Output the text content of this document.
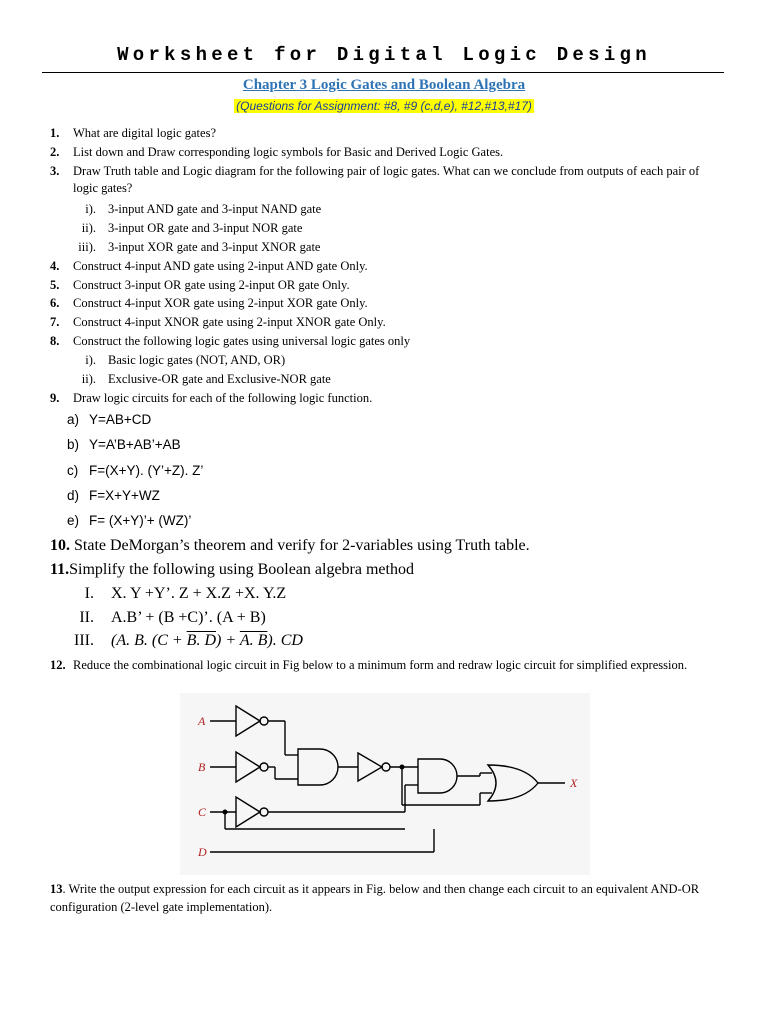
Worksheet for Digital Logic Design
Chapter 3 Logic Gates and Boolean Algebra
(Questions for Assignment: #8, #9 (c,d,e), #12,#13,#17)
1. What are digital logic gates?
2. List down and Draw corresponding logic symbols for Basic and Derived Logic Gates.
3. Draw Truth table and Logic diagram for the following pair of logic gates. What can we conclude from outputs of each pair of logic gates?
i). 3-input AND gate and 3-input NAND gate
ii). 3-input OR gate and 3-input NOR gate
iii). 3-input XOR gate and 3-input XNOR gate
4. Construct 4-input AND gate using 2-input AND gate Only.
5. Construct 3-input OR gate using 2-input OR gate Only.
6. Construct 4-input XOR gate using 2-input XOR gate Only.
7. Construct 4-input XNOR gate using 2-input XNOR gate Only.
8. Construct the following logic gates using universal logic gates only
i). Basic logic gates (NOT, AND, OR)
ii). Exclusive-OR gate and Exclusive-NOR gate
9. Draw logic circuits for each of the following logic function.
a) Y=AB+CD
b) Y=A’B+AB’+AB
c) F=(X+Y). (Y’+Z). Z’
d) F=X+Y+WZ
e) F= (X+Y)’+ (WZ)’
10. State DeMorgan’s theorem and verify for 2-variables using Truth table.
11.Simplify the following using Boolean algebra method
I. X. Y +Y’. Z + X.Z +X. Y.Z
II. A.B’ + (B +C)’. (A + B)
III. (A. B. (C + B. D) + A. B). CD
12. Reduce the combinational logic circuit in Fig below to a minimum form and redraw logic circuit for simplified expression.
A
B
C
D
X
13. Write the output expression for each circuit as it appears in Fig. below and then change each circuit to an equivalent AND-OR configuration (2-level gate implementation).
